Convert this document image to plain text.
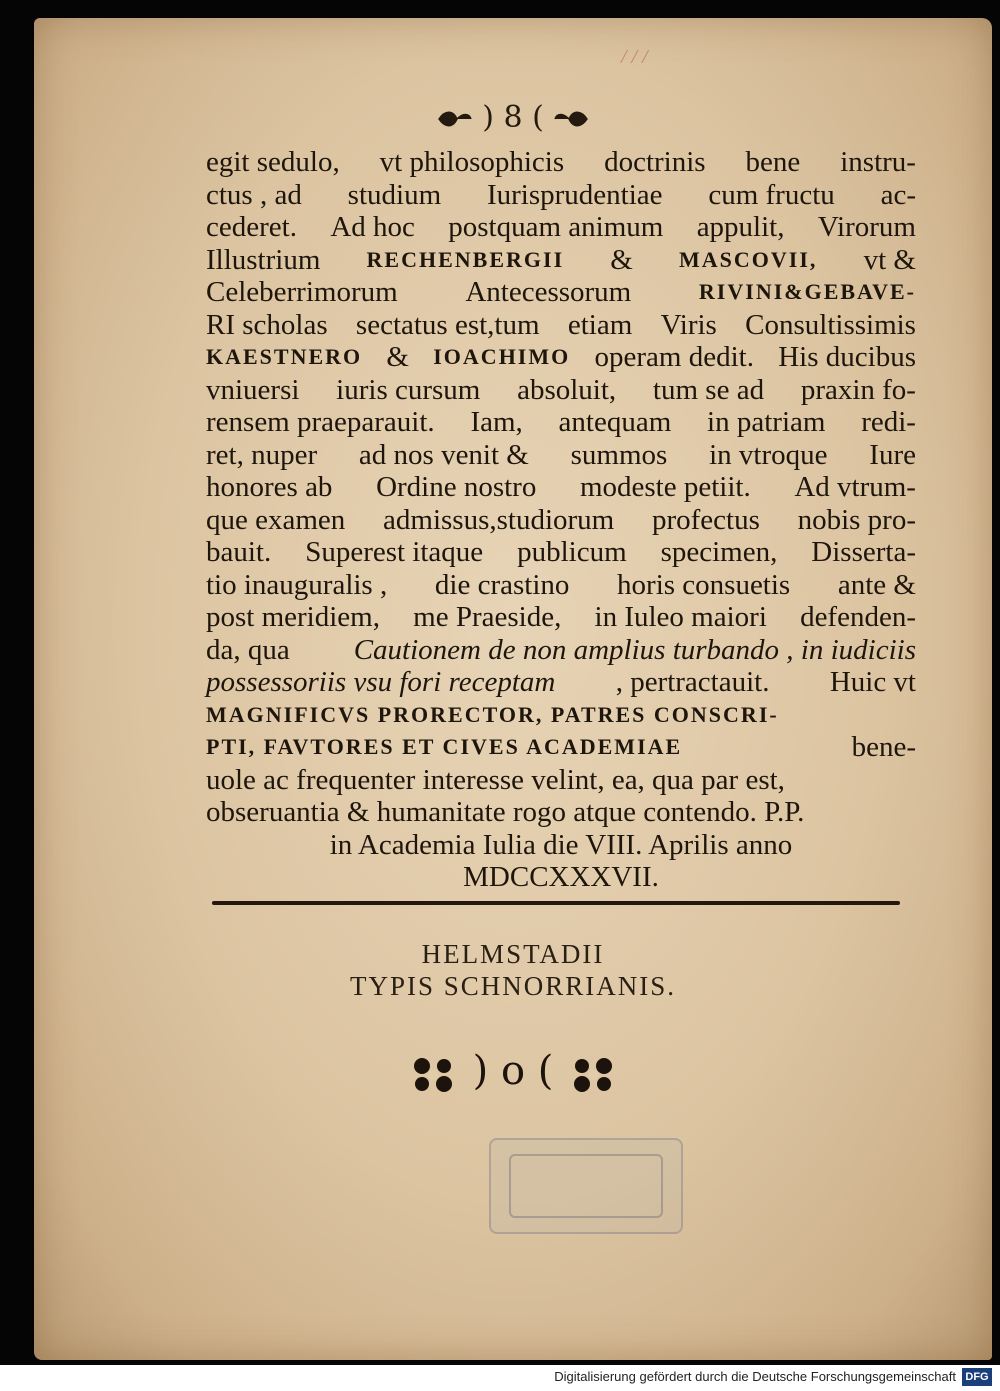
/ / /
) 8 (
egit sedulo, vt philosophicis doctrinis bene instru-
ctus , ad studium Iurisprudentiae cum fructu ac-
cederet. Ad hoc postquam animum appulit, Virorum
Illustrium RECHENBERGII & MASCOVII, vt &
Celeberrimorum Antecessorum	RIVINI&GEBAVE-
RI scholas sectatus est,tum etiam Viris Consultissimis
KAESTNERO & IOACHIMO operam dedit. His ducibus
vniuersi iuris cursum absoluit, tum se ad praxin fo-
rensem praeparauit. Iam, antequam in patriam redi-
ret, nuper ad nos venit & summos in vtroque Iure
honores ab Ordine nostro modeste petiit. Ad vtrum-
que examen admissus,studiorum profectus nobis pro-
bauit. Superest itaque publicum specimen, Disserta-
tio inauguralis , die crastino horis consuetis ante &
post meridiem, me Praeside, in Iuleo maiori defenden-
da, qua Cautionem de non amplius turbando , in iudiciis
possessoriis vsu fori receptam , pertractauit. Huic vt
MAGNIFICVS PRORECTOR, PATRES CONSCRI-
PTI, FAVTORES ET CIVES ACADEMIAE	bene-
uole ac frequenter interesse velint, ea, qua par est,
obseruantia & humanitate rogo atque contendo. P.P.
in Academia Iulia die VIII. Aprilis anno
MDCCXXXVII.
HELMSTADII
TYPIS SCHNORRIANIS.
) o (
Digitalisierung gefördert durch die Deutsche Forschungsgemeinschaft DFG
